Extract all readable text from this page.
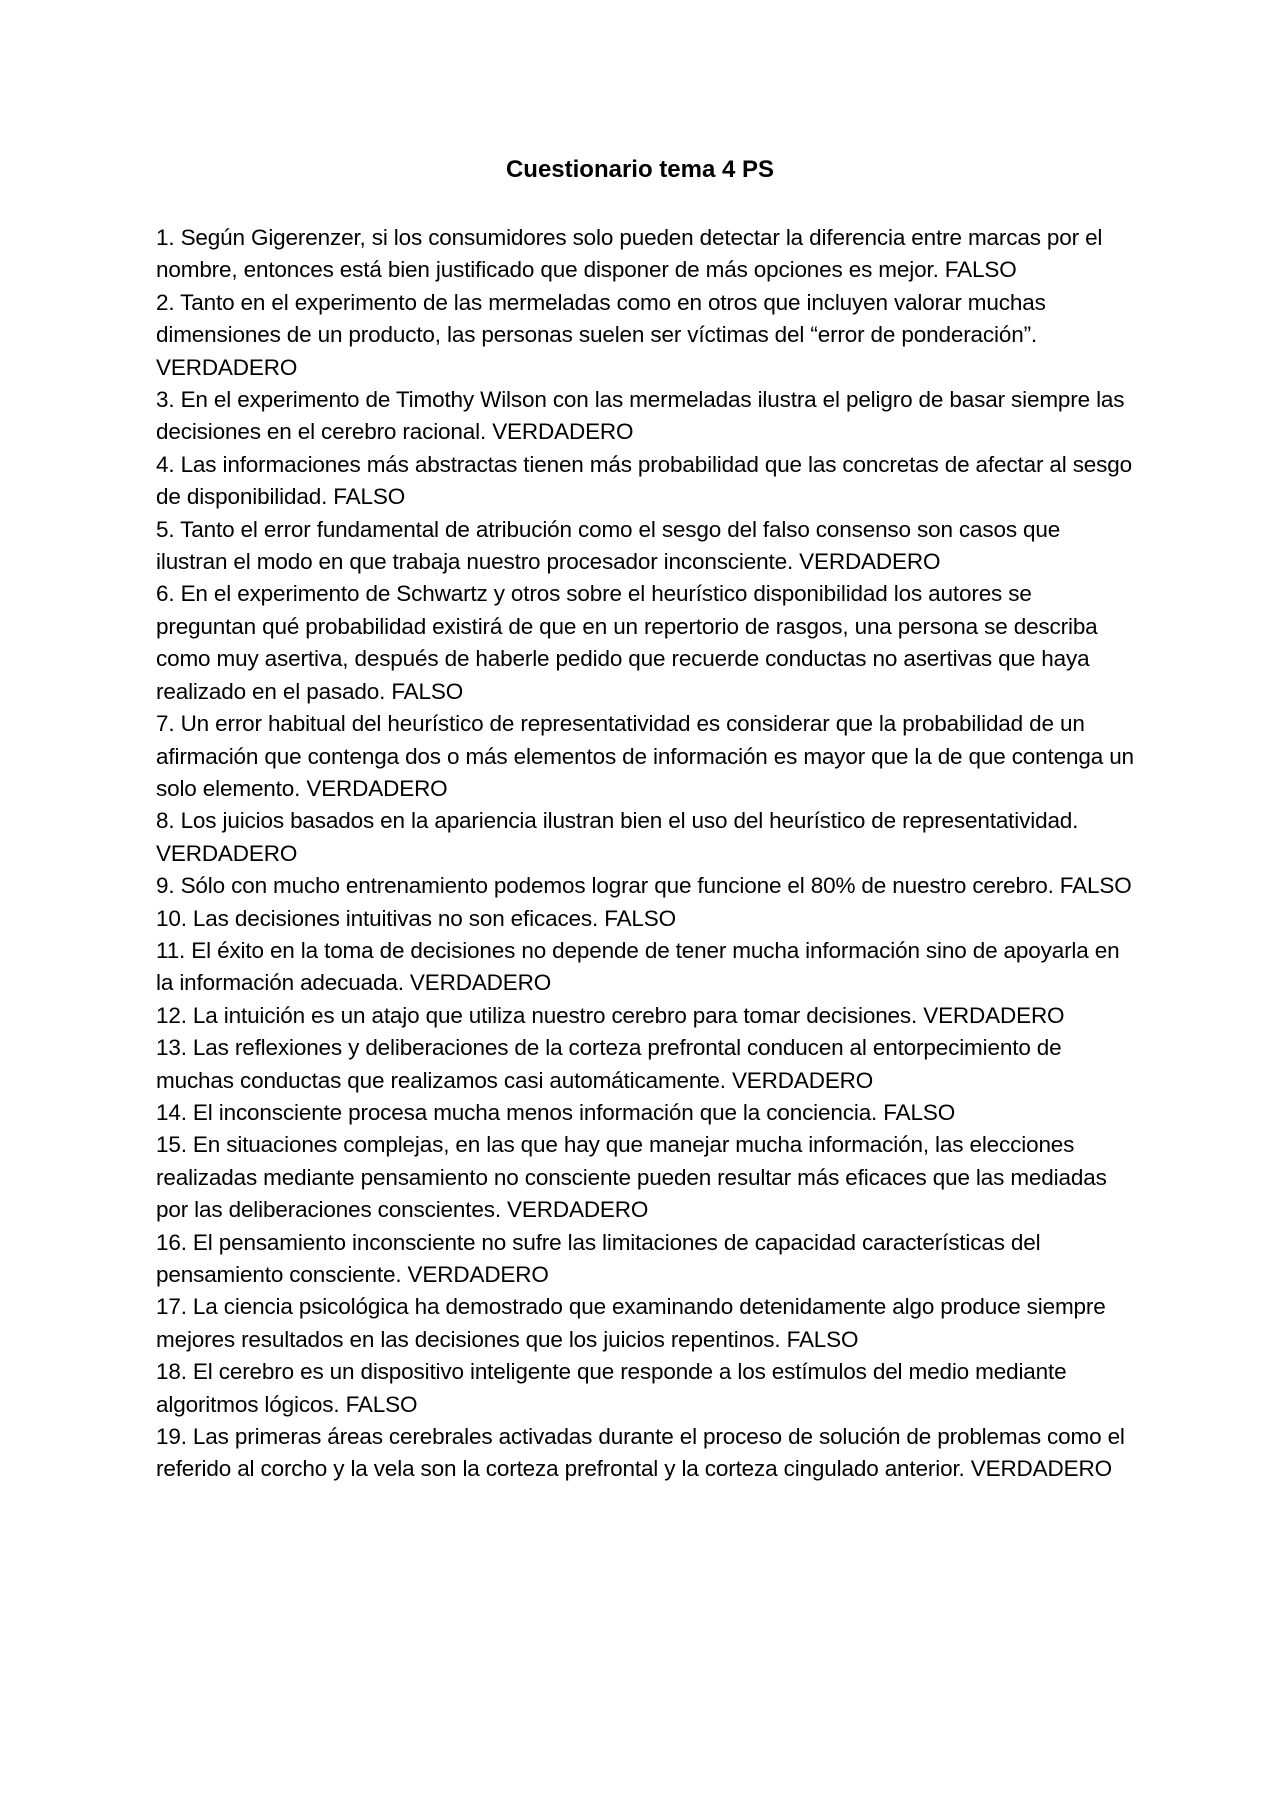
Cuestionario tema 4 PS

1. Según Gigerenzer, si los consumidores solo pueden detectar la diferencia entre marcas por el nombre, entonces está bien justificado que disponer de más opciones es mejor. FALSO

2. Tanto en el experimento de las mermeladas como en otros que incluyen valorar muchas dimensiones de un producto, las personas suelen ser víctimas del “error de ponderación”. VERDADERO

3. En el experimento de Timothy Wilson con las mermeladas ilustra el peligro de basar siempre las decisiones en el cerebro racional. VERDADERO

4. Las informaciones más abstractas tienen más probabilidad que las concretas de afectar al sesgo de disponibilidad. FALSO

5. Tanto el error fundamental de atribución como el sesgo del falso consenso son casos que ilustran el modo en que trabaja nuestro procesador inconsciente. VERDADERO

6. En el experimento de Schwartz y otros sobre el heurístico disponibilidad los autores se preguntan qué probabilidad existirá de que en un repertorio de rasgos, una persona se describa como muy asertiva, después de haberle pedido que recuerde conductas no asertivas que haya realizado en el pasado. FALSO

7. Un error habitual del heurístico de representatividad es considerar que la probabilidad de un afirmación que contenga dos o más elementos de información es mayor que la de que contenga un solo elemento. VERDADERO

8. Los juicios basados en la apariencia ilustran bien el uso del heurístico de representatividad. VERDADERO

9. Sólo con mucho entrenamiento podemos lograr que funcione el 80% de nuestro cerebro. FALSO

10. Las decisiones intuitivas no son eficaces. FALSO

11. El éxito en la toma de decisiones no depende de tener mucha información sino de apoyarla en la información adecuada. VERDADERO

12. La intuición es un atajo que utiliza nuestro cerebro para tomar decisiones. VERDADERO

13. Las reflexiones y deliberaciones de la corteza prefrontal conducen al entorpecimiento de muchas conductas que realizamos casi automáticamente. VERDADERO

14. El inconsciente procesa mucha menos información que la conciencia. FALSO

15. En situaciones complejas, en las que hay que manejar mucha información, las elecciones realizadas mediante pensamiento no consciente pueden resultar más eficaces que las mediadas por las deliberaciones conscientes. VERDADERO

16. El pensamiento inconsciente no sufre las limitaciones de capacidad características del pensamiento consciente. VERDADERO

17. La ciencia psicológica ha demostrado que examinando detenidamente algo produce siempre mejores resultados en las decisiones que los juicios repentinos. FALSO

18. El cerebro es un dispositivo inteligente que responde a los estímulos del medio mediante algoritmos lógicos. FALSO

19. Las primeras áreas cerebrales activadas durante el proceso de solución de problemas como el referido al corcho y la vela son la corteza prefrontal y la corteza cingulado anterior. VERDADERO
